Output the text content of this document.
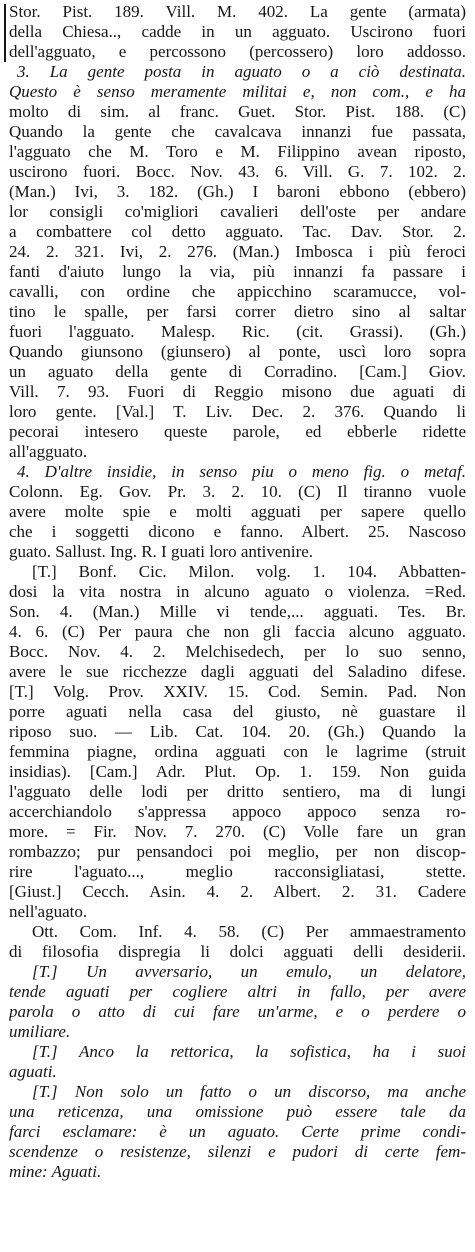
Stor. Pist. 189. Vill. M. 402. La gente (armata)
della Chiesa.., cadde in un agguato. Uscirono fuori
dell'agguato, e percossono (percossero) loro addosso.
3. La gente posta in aguato o a ciò destinata.
Questo è senso meramente militai e, non com., e ha
molto di sim. al franc. Guet. Stor. Pist. 188. (C)
Quando la gente che cavalcava innanzi fue passata,
l'agguato che M. Toro e M. Filippino avean riposto,
uscirono fuori. Bocc. Nov. 43. 6. Vill. G. 7. 102. 2.
(Man.) Ivi, 3. 182. (Gh.) I baroni ebbono (ebbero)
lor consigli co'migliori cavalieri dell'oste per andare
a combattere col detto agguato. Tac. Dav. Stor. 2.
24. 2. 321. Ivi, 2. 276. (Man.) Imbosca i più feroci
fanti d'aiuto lungo la via, più innanzi fa passare i
cavalli, con ordine che appicchino scaramucce, vol-
tino le spalle, per farsi correr dietro sino al saltar
fuori l'agguato. Malesp. Ric. (cit. Grassi). (Gh.)
Quando giunsono (giunsero) al ponte, uscì loro sopra
un aguato della gente di Corradino. [Cam.] Giov.
Vill. 7. 93. Fuori di Reggio misono due aguati di
loro gente. [Val.] T. Liv. Dec. 2. 376. Quando li
pecorai intesero queste parole, ed ebberle ridette
all'agguato.
4. D'altre insidie, in senso piu o meno fig. o metaf.
Colonn. Eg. Gov. Pr. 3. 2. 10. (C) Il tiranno vuole
avere molte spie e molti agguati per sapere quello
che i soggetti dicono e fanno. Albert. 25. Nascoso
guato. Sallust. Ing. R. I guati loro antivenire.
[T.] Bonf. Cic. Milon. volg. 1. 104. Abbatten-
dosi la vita nostra in alcuno aguato o violenza. =Red.
Son. 4. (Man.) Mille vi tende,... agguati. Tes. Br.
4. 6. (C) Per paura che non gli faccia alcuno agguato.
Bocc. Nov. 4. 2. Melchisedech, per lo suo senno,
avere le sue ricchezze dagli agguati del Saladino difese.
[T.] Volg. Prov. XXIV. 15. Cod. Semin. Pad. Non
porre aguati nella casa del giusto, nè guastare il
riposo suo. — Lib. Cat. 104. 20. (Gh.) Quando la
femmina piagne, ordina agguati con le lagrime (struit
insidias). [Cam.] Adr. Plut. Op. 1. 159. Non guida
l'agguato delle lodi per dritto sentiero, ma di lungi
accerchiandolo s'appressa appoco appoco senza ro-
more. = Fir. Nov. 7. 270. (C) Volle fare un gran
rombazzo; pur pensandoci poi meglio, per non discop-
rire l'aguato..., meglio racconsigliatasi, stette.
[Giust.] Cecch. Asin. 4. 2. Albert. 2. 31. Cadere
nell'aguato.
Ott. Com. Inf. 4. 58. (C) Per ammaestramento
di filosofia dispregia li dolci agguati delli desiderii.
[T.] Un avversario, un emulo, un delatore,
tende aguati per cogliere altri in fallo, per avere
parola o atto di cui fare un'arme, e o perdere o
umiliare.
[T.] Anco la rettorica, la sofistica, ha i suoi
aguati.
[T.] Non solo un fatto o un discorso, ma anche
una reticenza, una omissione può essere tale da
farci esclamare: è un aguato. Certe prime condi-
scendenze o resistenze, silenzi e pudori di certe fem-
mine: Aguati.
